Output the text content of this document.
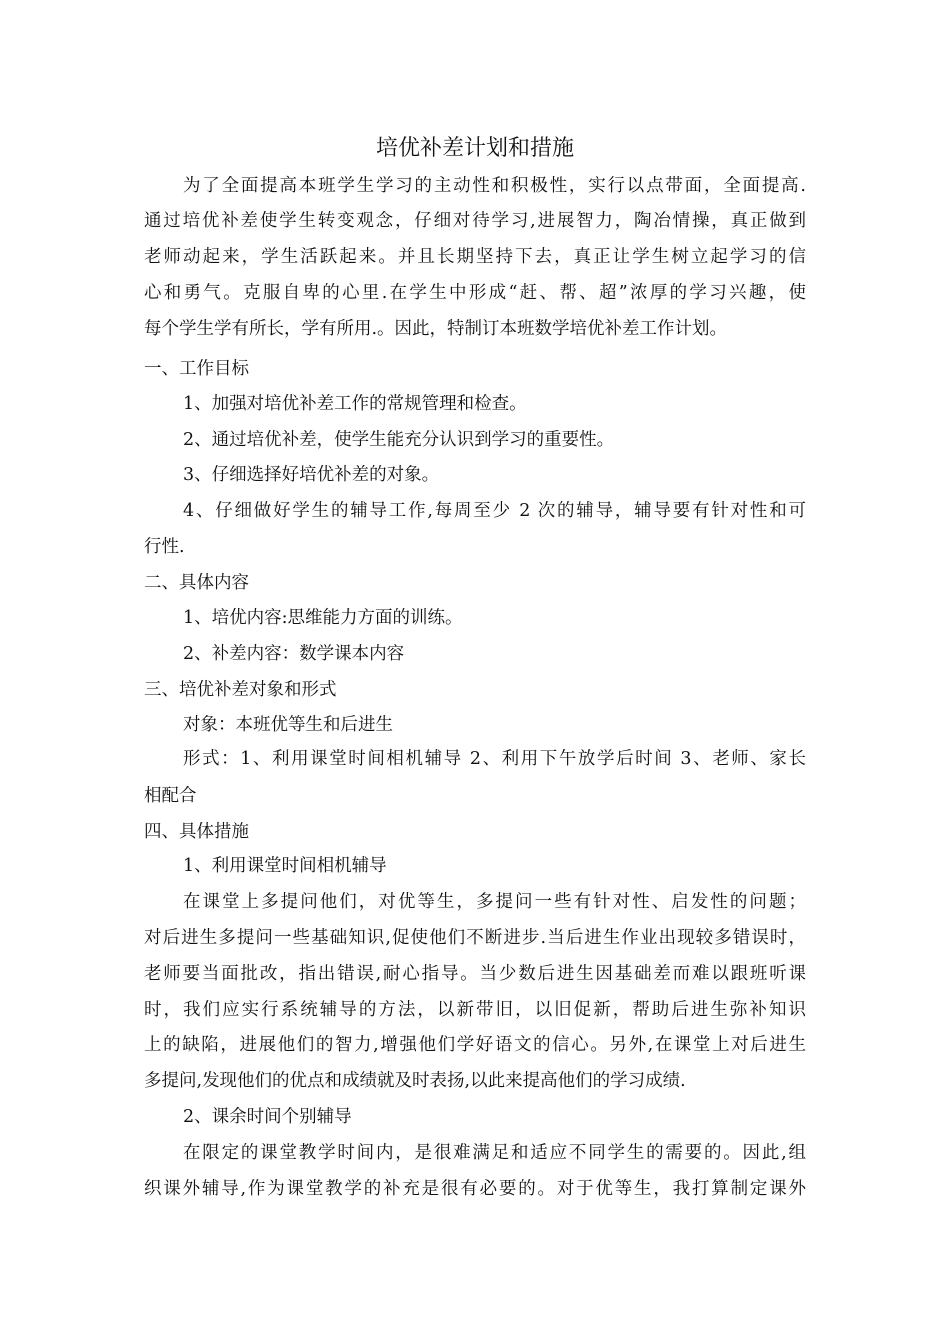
培优补差计划和措施
为了全面提高本班学生学习的主动性和积极性，实行以点带面，全面提高.
通过培优补差使学生转变观念，仔细对待学习,进展智力，陶冶情操，真正做到
老师动起来，学生活跃起来。并且长期坚持下去，真正让学生树立起学习的信
心和勇气。克服自卑的心里.在学生中形成“赶、帮、超”浓厚的学习兴趣，使
每个学生学有所长，学有所用.。因此，特制订本班数学培优补差工作计划。
一、工作目标
1、加强对培优补差工作的常规管理和检查。
2、通过培优补差，使学生能充分认识到学习的重要性。
3、仔细选择好培优补差的对象。
4、仔细做好学生的辅导工作,每周至少 2 次的辅导，辅导要有针对性和可
行性.
二、具体内容
1、培优内容:思维能力方面的训练。
2、补差内容：数学课本内容
三、培优补差对象和形式
对象：本班优等生和后进生
形式：1、利用课堂时间相机辅导 2、利用下午放学后时间 3、老师、家长
相配合
四、具体措施
1、利用课堂时间相机辅导
在课堂上多提问他们，对优等生，多提问一些有针对性、启发性的问题；
对后进生多提问一些基础知识,促使他们不断进步.当后进生作业出现较多错误时，
老师要当面批改，指出错误,耐心指导。当少数后进生因基础差而难以跟班听课
时，我们应实行系统辅导的方法，以新带旧，以旧促新，帮助后进生弥补知识
上的缺陷，进展他们的智力,增强他们学好语文的信心。另外,在课堂上对后进生
多提问,发现他们的优点和成绩就及时表扬,以此来提高他们的学习成绩.
2、课余时间个别辅导
在限定的课堂教学时间内，是很难满足和适应不同学生的需要的。因此,组
织课外辅导,作为课堂教学的补充是很有必要的。对于优等生，我打算制定课外
